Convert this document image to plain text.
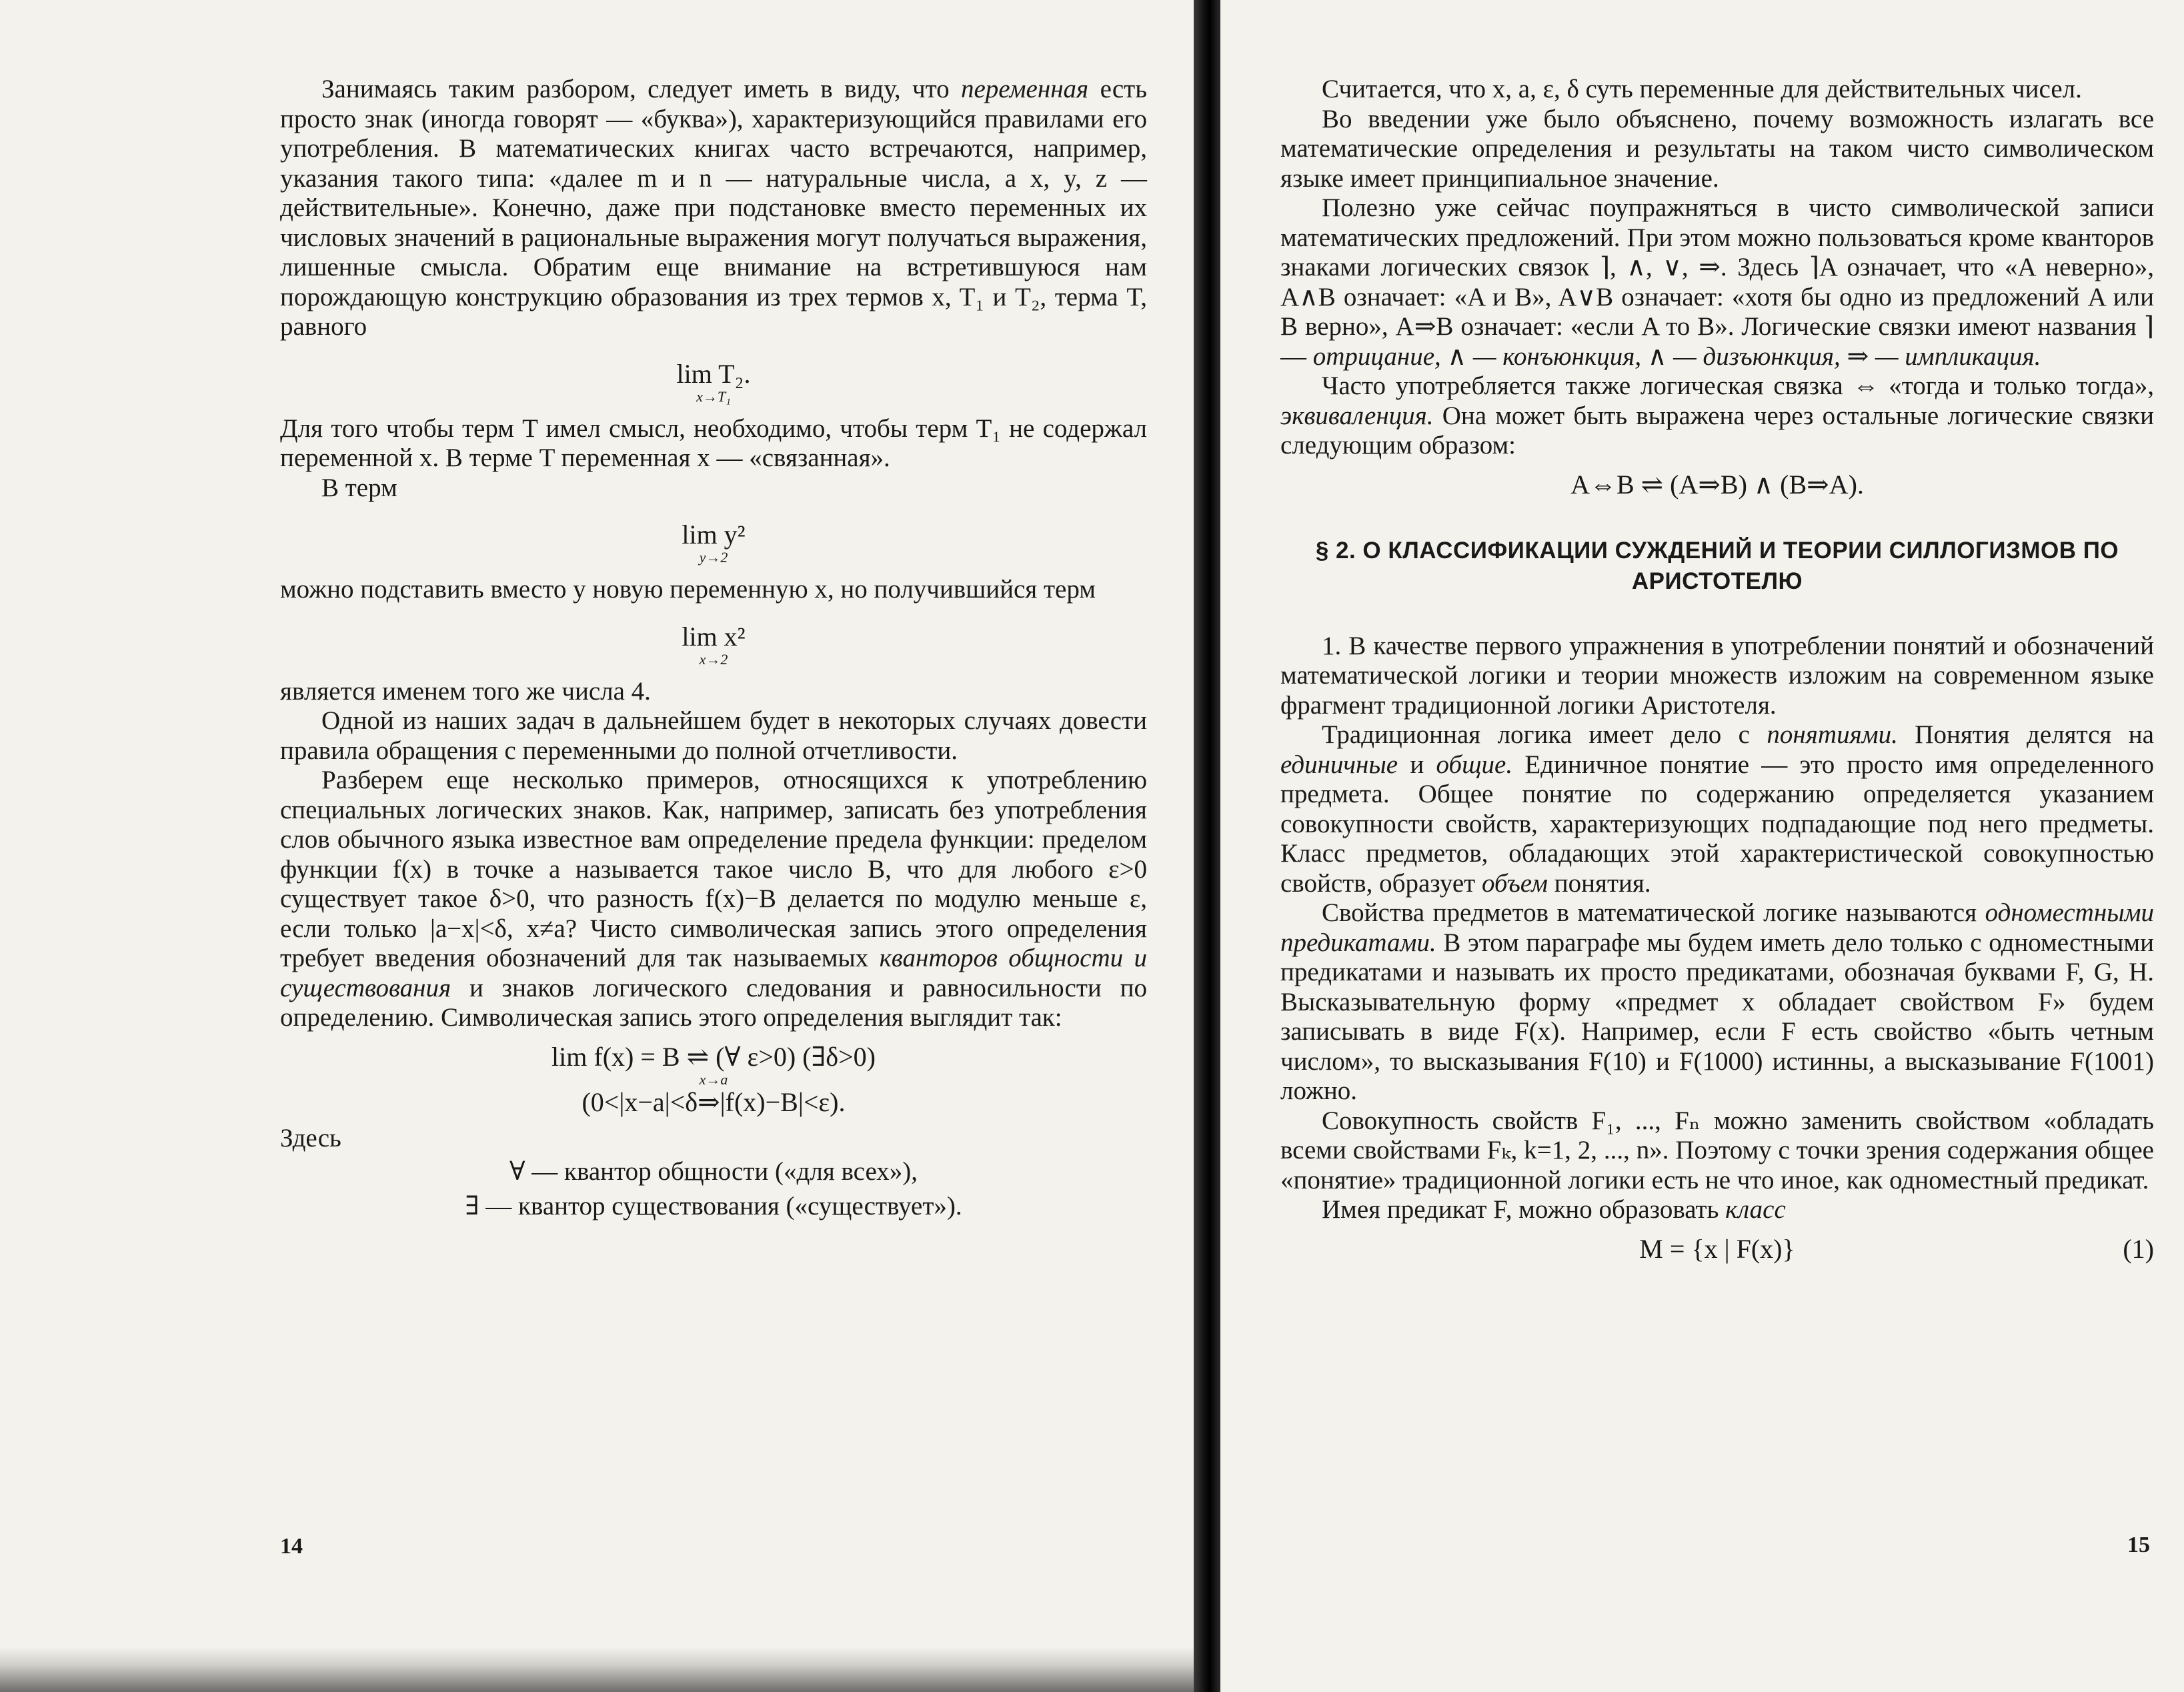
Занимаясь таким разбором, следует иметь в виду, что переменная есть просто знак (иногда говорят — «буква»), характеризующийся правилами его употребления. В математических книгах часто встречаются, например, указания такого типа: «далее m и n — натуральные числа, а x, y, z — действительные». Конечно, даже при подстановке вместо переменных их числовых значений в рациональные выражения могут получаться выражения, лишенные смысла. Обратим еще внимание на встретившуюся нам порождающую конструкцию образования из трех термов x, T₁ и T₂, терма T, равного

lim T₂.
x→T₁

Для того чтобы терм T имел смысл, необходимо, чтобы терм T₁ не содержал переменной x. В терме T переменная x — «связанная».

В терм

lim y²
y→2

можно подставить вместо y новую переменную x, но получившийся терм

lim x²
x→2

является именем того же числа 4.

Одной из наших задач в дальнейшем будет в некоторых случаях довести правила обращения с переменными до полной отчетливости.

Разберем еще несколько примеров, относящихся к употреблению специальных логических знаков. Как, например, записать без употребления слов обычного языка известное вам определение предела функции: пределом функции f(x) в точке a называется такое число B, что для любого ε>0 существует такое δ>0, что разность f(x)−B делается по модулю меньше ε, если только |a−x|<δ, x≠a? Чисто символическая запись этого определения требует введения обозначений для так называемых кванторов общности и существования и знаков логического следования и равносильности по определению. Символическая запись этого определения выглядит так:

lim f(x) = B ⇌ (∀ ε>0) (∃δ>0)
x→a
(0<|x−a|<δ⇒|f(x)−B|<ε).

Здесь

∀ — квантор общности («для всех»),
∃ — квантор существования («существует»).
14

Считается, что x, a, ε, δ суть переменные для действительных чисел.

Во введении уже было объяснено, почему возможность излагать все математические определения и результаты на таком чисто символическом языке имеет принципиальное значение.

Полезно уже сейчас поупражняться в чисто символической записи математических предложений. При этом можно пользоваться кроме кванторов знаками логических связок ⌉, ∧, ∨, ⇒. Здесь ⌉A означает, что «A неверно», A∧B означает: «A и B», A∨B означает: «хотя бы одно из предложений A или B верно», A⇒B означает: «если A то B». Логические связки имеют названия ⌉ — отрицание, ∧ — конъюнкция, ∧ — дизъюнкция, ⇒ — импликация.

Часто употребляется также логическая связка ⇔ «тогда и только тогда», эквиваленция. Она может быть выражена через остальные логические связки следующим образом:

A⇔B ⇌ (A⇒B) ∧ (B⇒A).
§ 2. О КЛАССИФИКАЦИИ СУЖДЕНИЙ И ТЕОРИИ СИЛЛОГИЗМОВ ПО АРИСТОТЕЛЮ

1. В качестве первого упражнения в употреблении понятий и обозначений математической логики и теории множеств изложим на современном языке фрагмент традиционной логики Аристотеля.

Традиционная логика имеет дело с понятиями. Понятия делятся на единичные и общие. Единичное понятие — это просто имя определенного предмета. Общее понятие по содержанию определяется указанием совокупности свойств, характеризующих подпадающие под него предметы. Класс предметов, обладающих этой характеристической совокупностью свойств, образует объем понятия.

Свойства предметов в математической логике называются одноместными предикатами. В этом параграфе мы будем иметь дело только с одноместными предикатами и называть их просто предикатами, обозначая буквами F, G, H. Высказывательную форму «предмет x обладает свойством F» будем записывать в виде F(x). Например, если F есть свойство «быть четным числом», то высказывания F(10) и F(1000) истинны, а высказывание F(1001) ложно.

Совокупность свойств F₁, ..., Fₙ можно заменить свойством «обладать всеми свойствами Fₖ, k=1, 2, ..., n». Поэтому с точки зрения содержания общее «понятие» традиционной логики есть не что иное, как одноместный предикат.

Имея предикат F, можно образовать класс

M = {x | F(x)}	(1)
15
